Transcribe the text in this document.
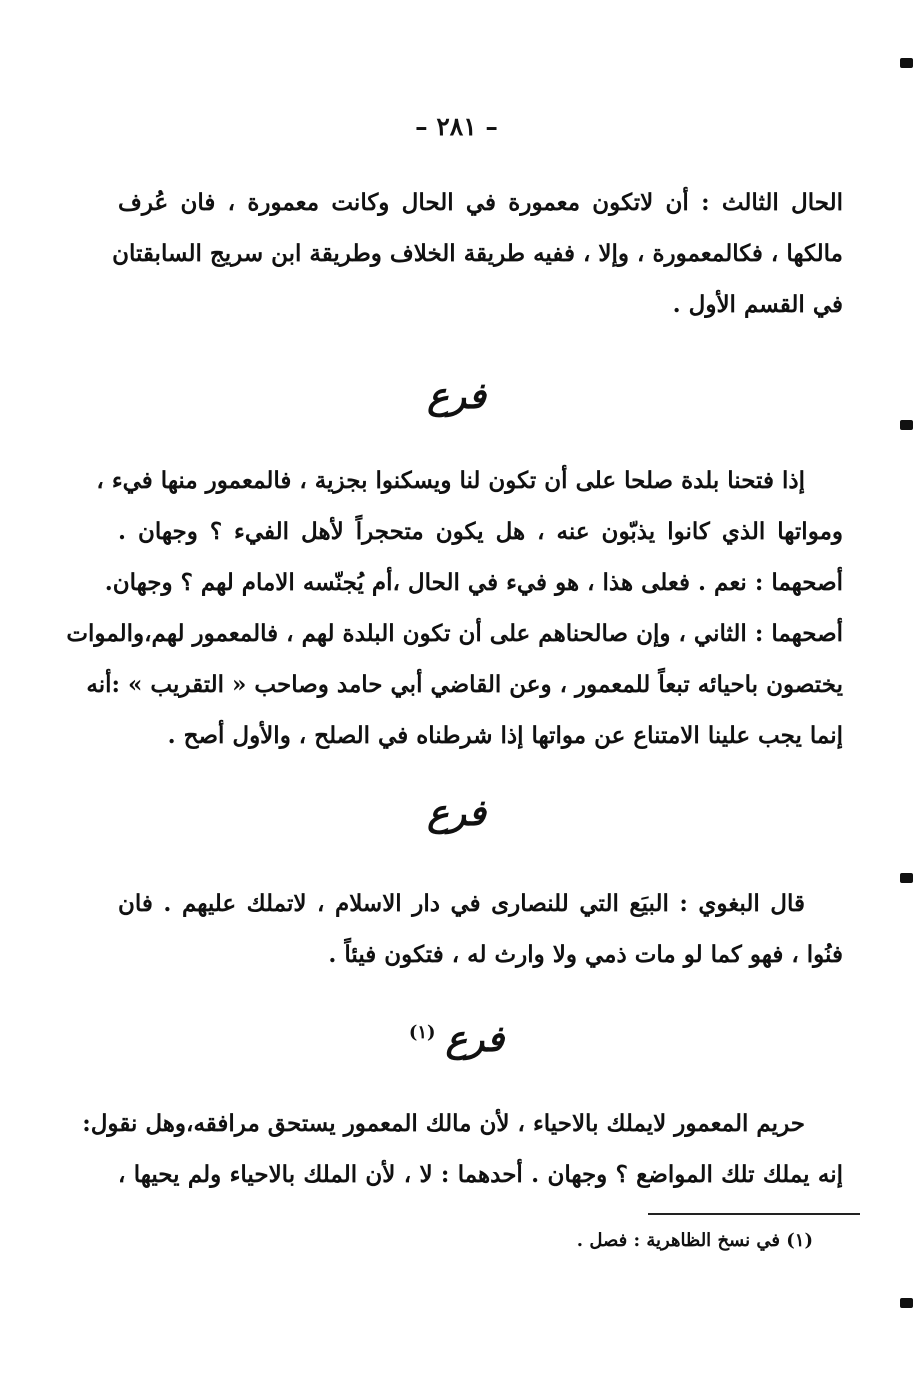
– ٢٨١ –
الحال الثالث : أن لاتكون معمورة في الحال وكانت معمورة ، فان عُرف
مالكها ، فكالمعمورة ، وإلا ، ففيه طريقة الخلاف وطريقة ابن سريج السابقتان
في القسم الأول .
فرع
إذا فتحنا بلدة صلحا على أن تكون لنا ويسكنوا بجزية ، فالمعمور منها فيء ،
ومواتها الذي كانوا يذبّون عنه ، هل يكون متحجراً لأهل الفيء ؟ وجهان .
أصحهما : نعم . فعلى هذا ، هو فيء في الحال ،أم يُجنّسه الامام لهم ؟ وجهان.
أصحهما : الثاني ، وإن صالحناهم على أن تكون البلدة لهم ، فالمعمور لهم،والموات
يختصون باحيائه تبعاً للمعمور ، وعن القاضي أبي حامد وصاحب « التقريب » :أنه
إنما يجب علينا الامتناع عن مواتها إذا شرطناه في الصلح ، والأول أصح .
فرع
قال البغوي : البيَع التي للنصارى في دار الاسلام ، لاتملك عليهم . فان
فنُوا ، فهو كما لو مات ذمي ولا وارث له ، فتكون فيئاً .
فرع$^{(١)}$
حريم المعمور لايملك بالاحياء ، لأن مالك المعمور يستحق مرافقه،وهل نقول:
إنه يملك تلك المواضع ؟ وجهان . أحدهما : لا ، لأن الملك بالاحياء ولم يحيها ،
(١) في نسخ الظاهرية : فصل .
